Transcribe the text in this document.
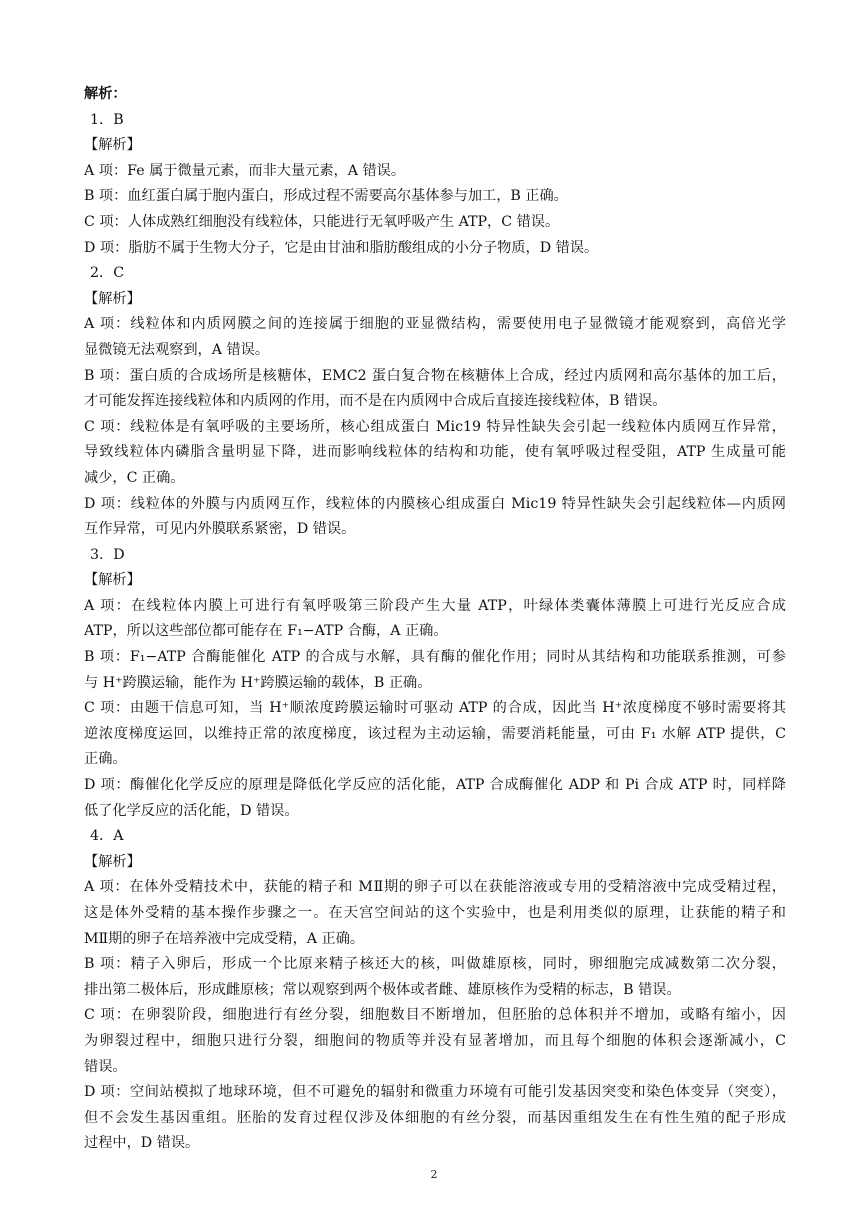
解析：
1．B
【解析】
A 项：Fe 属于微量元素，而非大量元素，A 错误。
B 项：血红蛋白属于胞内蛋白，形成过程不需要高尔基体参与加工，B 正确。
C 项：人体成熟红细胞没有线粒体，只能进行无氧呼吸产生 ATP，C 错误。
D 项：脂肪不属于生物大分子，它是由甘油和脂肪酸组成的小分子物质，D 错误。
2．C
【解析】
A 项：线粒体和内质网膜之间的连接属于细胞的亚显微结构，需要使用电子显微镜才能观察到，高倍光学
显微镜无法观察到，A 错误。
B 项：蛋白质的合成场所是核糖体，EMC2 蛋白复合物在核糖体上合成，经过内质网和高尔基体的加工后，
才可能发挥连接线粒体和内质网的作用，而不是在内质网中合成后直接连接线粒体，B 错误。
C 项：线粒体是有氧呼吸的主要场所，核心组成蛋白 Mic19 特异性缺失会引起一线粒体内质网互作异常，
导致线粒体内磷脂含量明显下降，进而影响线粒体的结构和功能，使有氧呼吸过程受阻，ATP 生成量可能
减少，C 正确。
D 项：线粒体的外膜与内质网互作，线粒体的内膜核心组成蛋白 Mic19 特异性缺失会引起线粒体—内质网
互作异常，可见内外膜联系紧密，D 错误。
3．D
【解析】
A 项：在线粒体内膜上可进行有氧呼吸第三阶段产生大量 ATP，叶绿体类囊体薄膜上可进行光反应合成
ATP，所以这些部位都可能存在 F₁−ATP 合酶，A 正确。
B 项：F₁−ATP 合酶能催化 ATP 的合成与水解，具有酶的催化作用；同时从其结构和功能联系推测，可参
与 H⁺跨膜运输，能作为 H⁺跨膜运输的载体，B 正确。
C 项：由题干信息可知，当 H⁺顺浓度跨膜运输时可驱动 ATP 的合成，因此当 H⁺浓度梯度不够时需要将其
逆浓度梯度运回，以维持正常的浓度梯度，该过程为主动运输，需要消耗能量，可由 F₁ 水解 ATP 提供，C
正确。
D 项：酶催化化学反应的原理是降低化学反应的活化能，ATP 合成酶催化 ADP 和 Pi 合成 ATP 时，同样降
低了化学反应的活化能，D 错误。
4．A
【解析】
A 项：在体外受精技术中，获能的精子和 MⅡ期的卵子可以在获能溶液或专用的受精溶液中完成受精过程，
这是体外受精的基本操作步骤之一。在天宫空间站的这个实验中，也是利用类似的原理，让获能的精子和
MⅡ期的卵子在培养液中完成受精，A 正确。
B 项：精子入卵后，形成一个比原来精子核还大的核，叫做雄原核，同时，卵细胞完成减数第二次分裂，
排出第二极体后，形成雌原核；常以观察到两个极体或者雌、雄原核作为受精的标志，B 错误。
C 项：在卵裂阶段，细胞进行有丝分裂，细胞数目不断增加，但胚胎的总体积并不增加，或略有缩小，因
为卵裂过程中，细胞只进行分裂，细胞间的物质等并没有显著增加，而且每个细胞的体积会逐渐减小，C
错误。
D 项：空间站模拟了地球环境，但不可避免的辐射和微重力环境有可能引发基因突变和染色体变异（突变），
但不会发生基因重组。胚胎的发育过程仅涉及体细胞的有丝分裂，而基因重组发生在有性生殖的配子形成
过程中，D 错误。
2
